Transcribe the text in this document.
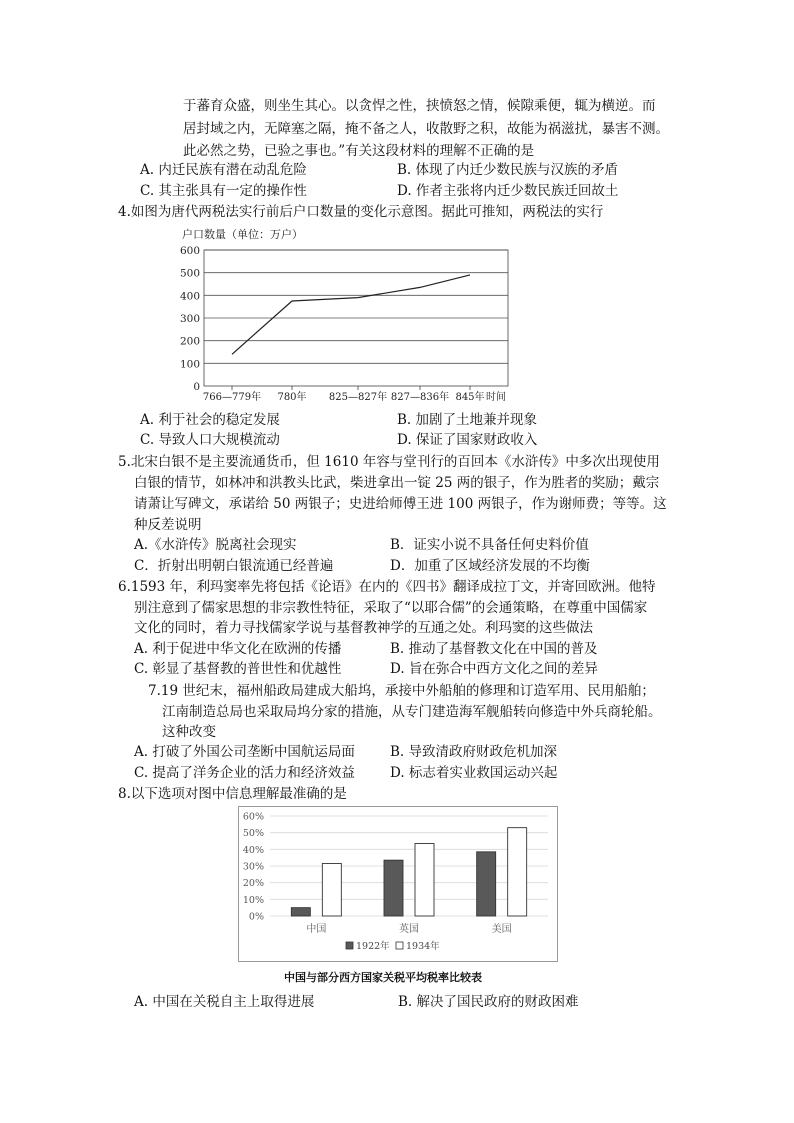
于蕃育众盛，则坐生其心。以贪悍之性，挟愤怒之情，候隙乘便，辄为横逆。而
居封域之内，无障塞之隔，掩不备之人，收散野之积，故能为祸滋扰，暴害不测。
此必然之势，已验之事也。”有关这段材料的理解不正确的是
A. 内迁民族有潜在动乱危险	B. 体现了内迁少数民族与汉族的矛盾
C. 其主张具有一定的操作性	D. 作者主张将内迁少数民族迁回故土
4.如图为唐代两税法实行前后户口数量的变化示意图。据此可推知，两税法的实行
户口数量（单位：万户）
0
100
200
300
400
500
600
766—779年 780年 825—827年 827—836年 845年 时间
A. 利于社会的稳定发展	B. 加剧了土地兼并现象
C. 导致人口大规模流动	D. 保证了国家财政收入
5.北宋白银不是主要流通货币，但 1610 年容与堂刊行的百回本《水浒传》中多次出现使用
白银的情节，如林冲和洪教头比武，柴进拿出一锭 25 两的银子，作为胜者的奖励；戴宗
请萧让写碑文，承诺给 50 两银子；史进给师傅王进 100 两银子，作为谢师费；等等。这
种反差说明
A.《水浒传》脱离社会现实	B．证实小说不具备任何史料价值
C．折射出明朝白银流通已经普遍	D．加重了区域经济发展的不均衡
6.1593 年，利玛窦率先将包括《论语》在内的《四书》翻译成拉丁文，并寄回欧洲。他特
别注意到了儒家思想的非宗教性特征，采取了“以耶合儒”的会通策略，在尊重中国儒家
文化的同时，着力寻找儒家学说与基督教神学的互通之处。利玛窦的这些做法
A. 利于促进中华文化在欧洲的传播	B. 推动了基督教文化在中国的普及
C. 彰显了基督教的普世性和优越性	D. 旨在弥合中西方文化之间的差异
7.19 世纪末，福州船政局建成大船坞，承接中外船舶的修理和订造军用、民用船舶；
江南制造总局也采取局坞分家的措施，从专门建造海军舰船转向修造中外兵商轮船。
这种改变
A. 打破了外国公司垄断中国航运局面	B. 导致清政府财政危机加深
C. 提高了洋务企业的活力和经济效益	D. 标志着实业救国运动兴起
8.以下选项对图中信息理解最准确的是
0%
10%
20%
30%
40%
50%
60%
中国	英国	美国
1922年 1934年
中国与部分西方国家关税平均税率比较表
A. 中国在关税自主上取得进展	B. 解决了国民政府的财政困难
